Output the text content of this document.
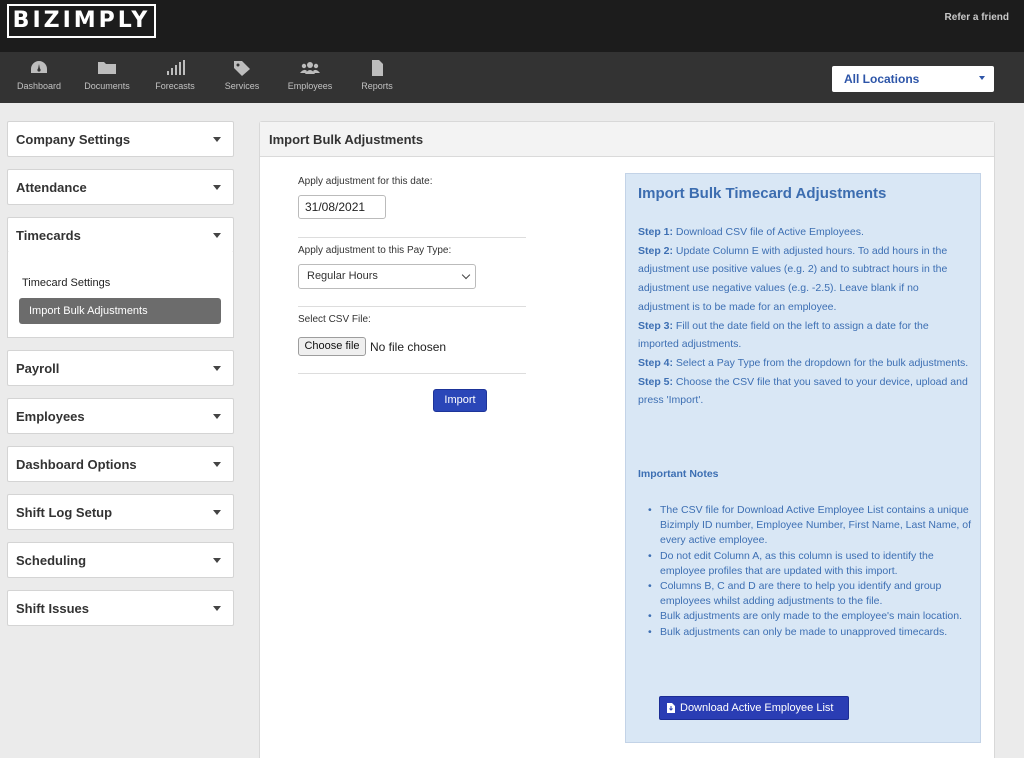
BIZIMPLY	Refer a friend
Dashboard	Documents	Forecasts	Services	Employees	Reports	All Locations
Company Settings
Attendance
Timecards
Timecard Settings
Import Bulk Adjustments
Payroll
Employees
Dashboard Options
Shift Log Setup
Scheduling
Shift Issues
Import Bulk Adjustments
Apply adjustment for this date:
31/08/2021
Apply adjustment to this Pay Type:
Regular Hours
Select CSV File:
Choose file No file chosen
Import
Import Bulk Timecard Adjustments
Step 1: Download CSV file of Active Employees.
Step 2: Update Column E with adjusted hours. To add hours in the adjustment use positive values (e.g. 2) and to subtract hours in the adjustment use negative values (e.g. -2.5). Leave blank if no adjustment is to be made for an employee.
Step 3: Fill out the date field on the left to assign a date for the imported adjustments.
Step 4: Select a Pay Type from the dropdown for the bulk adjustments.
Step 5: Choose the CSV file that you saved to your device, upload and press 'Import'.
Important Notes
• The CSV file for Download Active Employee List contains a unique Bizimply ID number, Employee Number, First Name, Last Name, of every active employee.
• Do not edit Column A, as this column is used to identify the employee profiles that are updated with this import.
• Columns B, C and D are there to help you identify and group employees whilst adding adjustments to the file.
• Bulk adjustments are only made to the employee's main location.
• Bulk adjustments can only be made to unapproved timecards.
Download Active Employee List
